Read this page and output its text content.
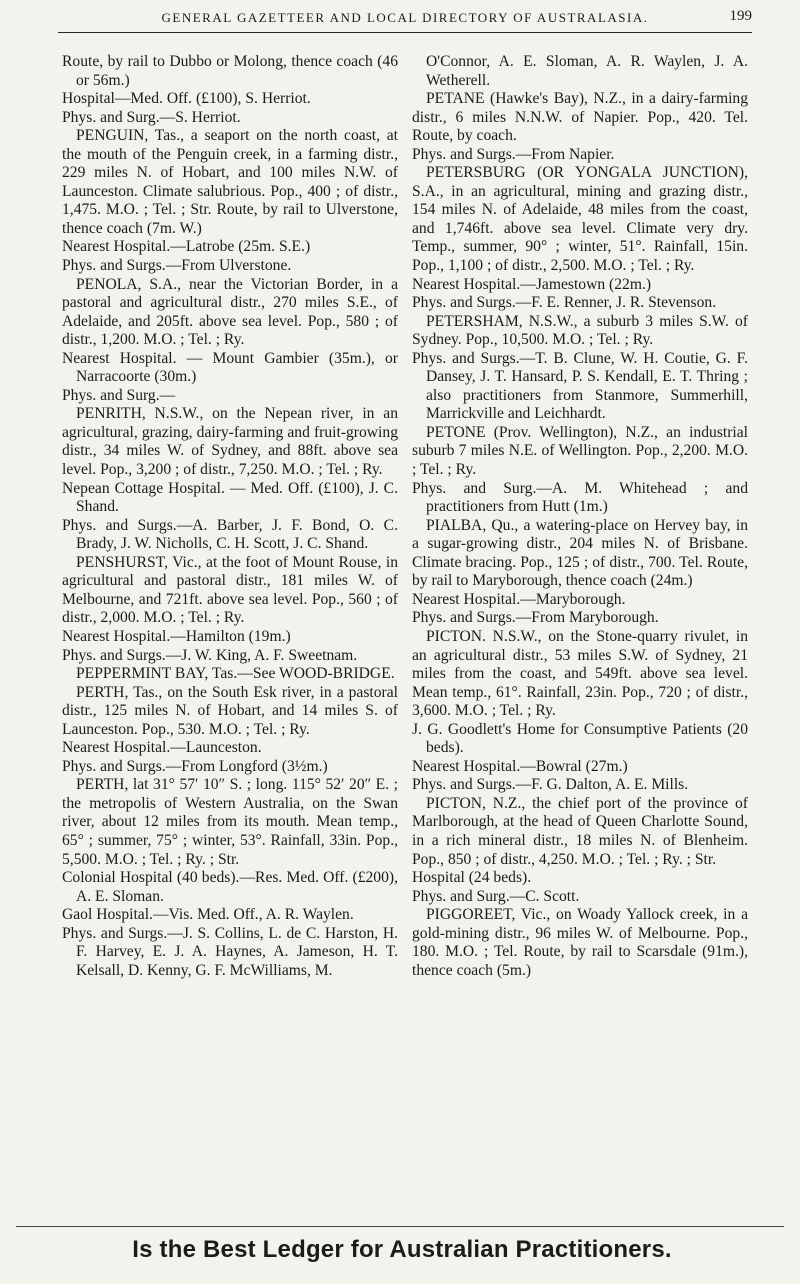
GENERAL GAZETTEER AND LOCAL DIRECTORY OF AUSTRALASIA.	199

Route, by rail to Dubbo or Molong, thence coach (46 or 56m.)

Hospital—Med. Off. (£100), S. Herriot.

Phys. and Surg.—S. Herriot.

PENGUIN, Tas., a seaport on the north coast, at the mouth of the Penguin creek, in a farming distr., 229 miles N. of Hobart, and 100 miles N.W. of Launceston. Climate salubrious. Pop., 400 ; of distr., 1,475. M.O. ; Tel. ; Str. Route, by rail to Ulverstone, thence coach (7m. W.)

Nearest Hospital.—Latrobe (25m. S.E.)

Phys. and Surgs.—From Ulverstone.

PENOLA, S.A., near the Victorian Border, in a pastoral and agricultural distr., 270 miles S.E., of Adelaide, and 205ft. above sea level. Pop., 580 ; of distr., 1,200. M.O. ; Tel. ; Ry.

Nearest Hospital. — Mount Gambier (35m.), or Narracoorte (30m.)

Phys. and Surg.—

PENRITH, N.S.W., on the Nepean river, in an agricultural, grazing, dairy-farming and fruit-growing distr., 34 miles W. of Sydney, and 88ft. above sea level. Pop., 3,200 ; of distr., 7,250. M.O. ; Tel. ; Ry.

Nepean Cottage Hospital. — Med. Off. (£100), J. C. Shand.

Phys. and Surgs.—A. Barber, J. F. Bond, O. C. Brady, J. W. Nicholls, C. H. Scott, J. C. Shand.

PENSHURST, Vic., at the foot of Mount Rouse, in agricultural and pastoral distr., 181 miles W. of Melbourne, and 721ft. above sea level. Pop., 560 ; of distr., 2,000. M.O. ; Tel. ; Ry.

Nearest Hospital.—Hamilton (19m.)

Phys. and Surgs.—J. W. King, A. F. Sweetnam.

PEPPERMINT BAY, Tas.—See WOOD-BRIDGE.

PERTH, Tas., on the South Esk river, in a pastoral distr., 125 miles N. of Hobart, and 14 miles S. of Launceston. Pop., 530. M.O. ; Tel. ; Ry.

Nearest Hospital.—Launceston.

Phys. and Surgs.—From Longford (3½m.)

PERTH, lat 31° 57′ 10″ S. ; long. 115° 52′ 20″ E. ; the metropolis of Western Australia, on the Swan river, about 12 miles from its mouth. Mean temp., 65° ; summer, 75° ; winter, 53°. Rainfall, 33in. Pop., 5,500. M.O. ; Tel. ; Ry. ; Str.

Colonial Hospital (40 beds).—Res. Med. Off. (£200), A. E. Sloman.

Gaol Hospital.—Vis. Med. Off., A. R. Waylen.

Phys. and Surgs.—J. S. Collins, L. de C. Harston, H. F. Harvey, E. J. A. Haynes, A. Jameson, H. T. Kelsall, D. Kenny, G. F. McWilliams, M.

O'Connor, A. E. Sloman, A. R. Waylen, J. A. Wetherell.

PETANE (Hawke's Bay), N.Z., in a dairy-farming distr., 6 miles N.N.W. of Napier. Pop., 420. Tel. Route, by coach.

Phys. and Surgs.—From Napier.

PETERSBURG (OR YONGALA JUNCTION), S.A., in an agricultural, mining and grazing distr., 154 miles N. of Adelaide, 48 miles from the coast, and 1,746ft. above sea level. Climate very dry. Temp., summer, 90° ; winter, 51°. Rainfall, 15in. Pop., 1,100 ; of distr., 2,500. M.O. ; Tel. ; Ry.

Nearest Hospital.—Jamestown (22m.)

Phys. and Surgs.—F. E. Renner, J. R. Stevenson.

PETERSHAM, N.S.W., a suburb 3 miles S.W. of Sydney. Pop., 10,500. M.O. ; Tel. ; Ry.

Phys. and Surgs.—T. B. Clune, W. H. Coutie, G. F. Dansey, J. T. Hansard, P. S. Kendall, E. T. Thring ; also practitioners from Stanmore, Summerhill, Marrickville and Leichhardt.

PETONE (Prov. Wellington), N.Z., an industrial suburb 7 miles N.E. of Wellington. Pop., 2,200. M.O. ; Tel. ; Ry.

Phys. and Surg.—A. M. Whitehead ; and practitioners from Hutt (1m.)

PIALBA, Qu., a watering-place on Hervey bay, in a sugar-growing distr., 204 miles N. of Brisbane. Climate bracing. Pop., 125 ; of distr., 700. Tel. Route, by rail to Maryborough, thence coach (24m.)

Nearest Hospital.—Maryborough.

Phys. and Surgs.—From Maryborough.

PICTON. N.S.W., on the Stone-quarry rivulet, in an agricultural distr., 53 miles S.W. of Sydney, 21 miles from the coast, and 549ft. above sea level. Mean temp., 61°. Rainfall, 23in. Pop., 720 ; of distr., 3,600. M.O. ; Tel. ; Ry.

J. G. Goodlett's Home for Consumptive Patients (20 beds).

Nearest Hospital.—Bowral (27m.)

Phys. and Surgs.—F. G. Dalton, A. E. Mills.

PICTON, N.Z., the chief port of the province of Marlborough, at the head of Queen Charlotte Sound, in a rich mineral distr., 18 miles N. of Blenheim. Pop., 850 ; of distr., 4,250. M.O. ; Tel. ; Ry. ; Str.

Hospital (24 beds).

Phys. and Surg.—C. Scott.

PIGGOREET, Vic., on Woady Yallock creek, in a gold-mining distr., 96 miles W. of Melbourne. Pop., 180. M.O. ; Tel. Route, by rail to Scarsdale (91m.), thence coach (5m.)

Is the Best Ledger for Australian Practitioners.
